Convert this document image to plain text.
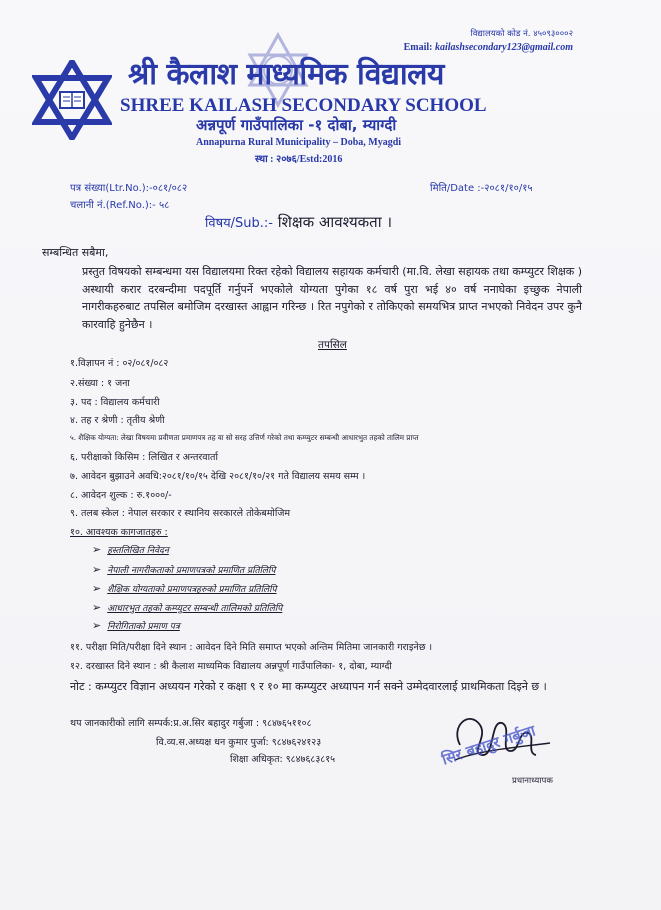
विद्यालयको कोड नं. ४५०९३०००२
Email: kailashsecondary123@gmail.com
श्री कैलाश माध्यमिक विद्यालय
SHREE KAILASH SECONDARY SCHOOL
अन्नपूर्ण गाउँपालिका -१ दोबा, म्याग्दी
Annapurna Rural Municipality – Doba, Myagdi
स्था : २०७६/Estd:2016
पत्र संख्या(Ltr.No.):-०८१/०८२
चलानी नं.(Ref.No.):- ५८
मिति/Date :-२०८१/१०/१५
विषय/Sub.:- शिक्षक आवश्यकता ।
सम्बन्धित सबैमा,
प्रस्तुत विषयको सम्बन्धमा यस विद्यालयमा रिक्त रहेको विद्यालय सहायक कर्मचारी (मा.वि. लेखा सहायक तथा कम्प्युटर शिक्षक ) अस्थायी करार दरबन्दीमा पदपूर्ति गर्नुपर्ने भएकोले योग्यता पुगेका १८ वर्ष पुरा भई ४० वर्ष ननाघेका इच्छुक नेपाली नागरीकहरुबाट तपसिल बमोजिम दरखास्त आह्वान गरिन्छ । रित नपुगेको र तोकिएको समयभित्र प्राप्त नभएको निवेदन उपर कुनै कारवाहि हुनेछैन ।
तपसिल
१.विज्ञापन नं : ०२/०८१/०८२
२.संख्या : १ जना
३. पद : विद्यालय कर्मचारी
४. तह र श्रेणी : तृतीय श्रेणी
५. शैक्षिक योग्यता: लेखा विषयमा प्रवीणता प्रमाणपत्र तह वा सो सरह उत्तिर्ण गरेको तथा कम्प्युटर सम्बन्धी आधारभुत तहको तालिम प्राप्त
६. परीक्षाको किसिम : लिखित र अन्तरवार्ता
७. आवेदन बुझाउने अवधि:२०८१/१०/१५ देखि २०८१/१०/२१ गते विद्यालय समय सम्म ।
८. आवेदन शुल्क : रु.१०००/-
९. तलब स्केल : नेपाल सरकार र स्थानिय सरकारले तोकेबमोजिम
१०. आवश्यक कागजातहरु :
➢ हस्तलिखित निवेदन
➢ नेपाली नागरीकताको प्रमाणपत्रको प्रमाणित प्रतिलिपि
➢ शैक्षिक योग्यताको प्रमाणपत्रहरुको प्रमाणित प्रतिलिपि
➢ आधारभुत तहको कम्प्युटर सम्बन्धी तालिमको प्रतिलिपि
➢ निरोगिताको प्रमाण पत्र
११. परीक्षा मिति/परीक्षा दिने स्थान : आवेदन दिने मिति समाप्त भएको अन्तिम मितिमा जानकारी गराइनेछ ।
१२. दरखास्त दिने स्थान : श्री कैलाश माध्यमिक विद्यालय अन्नपूर्ण गाउँपालिका- १, दोबा, म्याग्दी
नोट : कम्प्युटर विज्ञान अध्ययन गरेको र कक्षा ९ र १० मा कम्प्युटर अध्यापन गर्न सक्ने उम्मेदवारलाई प्राथमिकता दिइने छ ।
थप जानकारीको लागि सम्पर्क:प्र.अ.सिर बहादुर गर्बुजा : ९८४७६५११०८
वि.व्य.स.अध्यक्ष धन कुमार पुर्जा: ९८४७६२४१२३
शिक्षा अधिकृत: ९८४७६८३८१५	सिर बहादुर गर्बुजा
प्रधानाध्यापक
